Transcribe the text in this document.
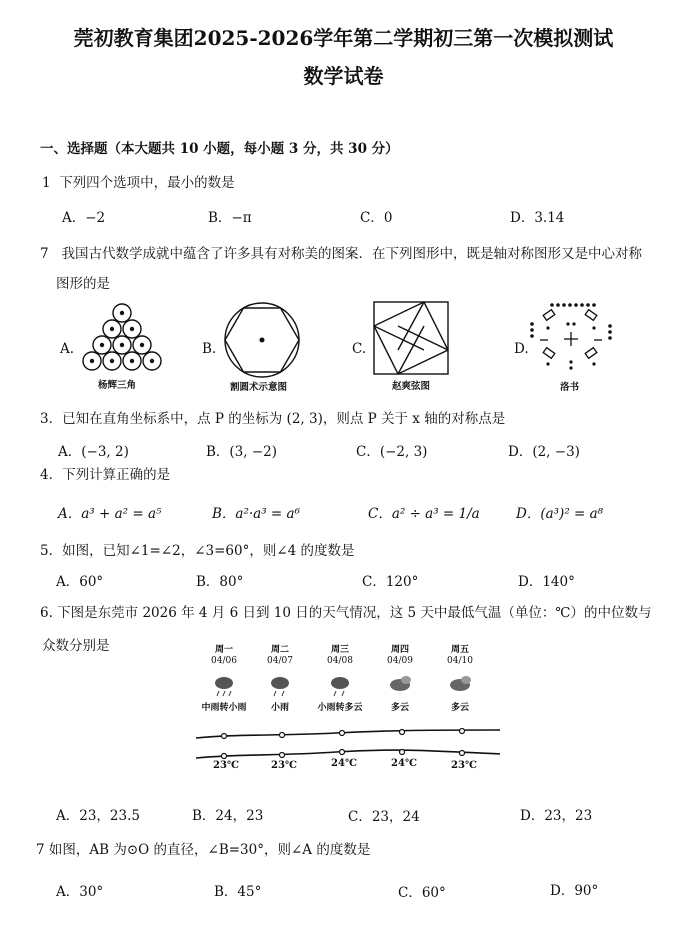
莞初教育集团2025-2026学年第二学期初三第一次模拟测试
数学试卷
一、选择题（本大题共 10 小题，每小题 3 分，共 30 分）
1 下列四个选项中，最小的数是
A．−2	B．−π	C．0	D．3.14
7 我国古代数学成就中蕴含了许多具有对称美的图案．在下列图形中，既是轴对称图形又是中心对称
图形的是
A.	B.	C.	D.
杨辉三角	割圆术示意图	赵爽弦图	洛书
3．已知在直角坐标系中，点 P 的坐标为 (2, 3)，则点 P 关于 x 轴的对称点是
A．(−3, 2)	B．(3, −2)	C．(−2, 3)	D．(2, −3)
4．下列计算正确的是
A．a³ + a² = a⁵	B．a²·a³ = a⁶	C．a² ÷ a³ = 1/a	D．(a³)² = a⁸
5．如图，已知∠1=∠2，∠3=60°，则∠4 的度数是
A．60°	B．80°	C．120°	D．140°
6. 下图是东莞市 2026 年 4 月 6 日到 10 日的天气情况，这 5 天中最低气温（单位：℃）的中位数与
众数分别是	周一	周二	周三	周四	周五
04/06	04/07	04/08	04/09	04/10
中雨转小雨	小雨	小雨转多云	多云	多云
23℃	23℃	24℃	24℃	23℃
A．23，23.5	B．24，23	C．23，24	D．23，23
7 如图，AB 为⊙O 的直径，∠B=30°，则∠A 的度数是
A．30°	B．45°	C．60°	D．90°
